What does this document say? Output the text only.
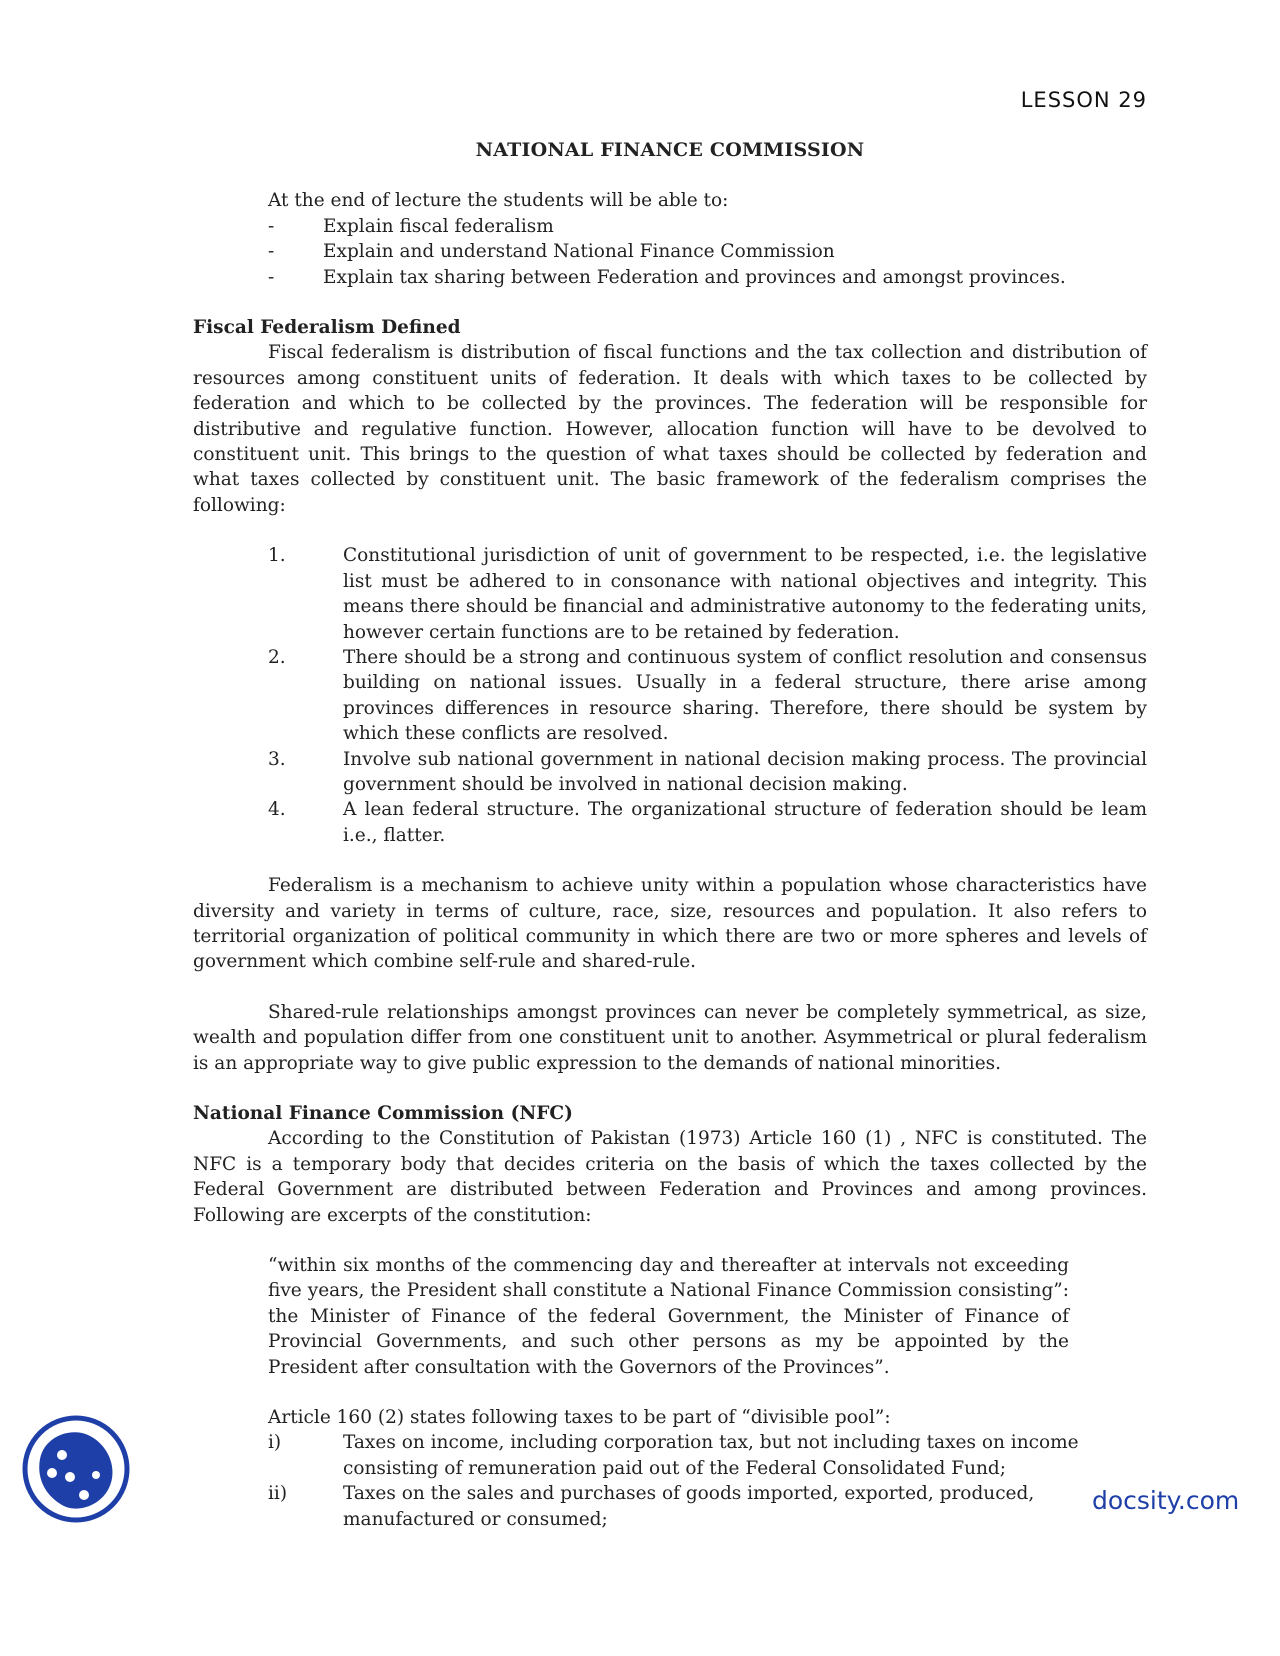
LESSON 29
NATIONAL FINANCE COMMISSION

At the end of lecture the students will be able to:

-	Explain fiscal federalism
-	Explain and understand National Finance Commission
-	Explain tax sharing between Federation and provinces and amongst provinces.
Fiscal Federalism Defined

Fiscal federalism is distribution of fiscal functions and the tax collection and distribution of resources among constituent units of federation. It deals with which taxes to be collected by federation and which to be collected by the provinces. The federation will be responsible for distributive and regulative function. However, allocation function will have to be devolved to constituent unit. This brings to the question of what taxes should be collected by federation and what taxes collected by constituent unit. The basic framework of the federalism comprises the following:

1.	Constitutional jurisdiction of unit of government to be respected, i.e. the legislative list must be adhered to in consonance with national objectives and integrity. This means there should be financial and administrative autonomy to the federating units, however certain functions are to be retained by federation.
2.	There should be a strong and continuous system of conflict resolution and consensus building on national issues. Usually in a federal structure, there arise among provinces differences in resource sharing. Therefore, there should be system by which these conflicts are resolved.
3.	Involve sub national government in national decision making process. The provincial government should be involved in national decision making.
4.	A lean federal structure. The organizational structure of federation should be leam i.e., flatter.

Federalism is a mechanism to achieve unity within a population whose characteristics have diversity and variety in terms of culture, race, size, resources and population. It also refers to territorial organization of political community in which there are two or more spheres and levels of government which combine self-rule and shared-rule.

Shared-rule relationships amongst provinces can never be completely symmetrical, as size, wealth and population differ from one constituent unit to another. Asymmetrical or plural federalism is an appropriate way to give public expression to the demands of national minorities.

National Finance Commission (NFC)

According to the Constitution of Pakistan (1973) Article 160 (1) , NFC is constituted. The NFC is a temporary body that decides criteria on the basis of which the taxes collected by the Federal Government are distributed between Federation and Provinces and among provinces. Following are excerpts of the constitution:

“within six months of the commencing day and thereafter at intervals not exceeding five years, the President shall constitute a National Finance Commission consisting”: the Minister of Finance of the federal Government, the Minister of Finance of Provincial Governments, and such other persons as my be appointed by the President after consultation with the Governors of the Provinces”.
Article 160 (2) states following taxes to be part of “divisible pool”:
i)	Taxes on income, including corporation tax, but not including taxes on income consisting of remuneration paid out of the Federal Consolidated Fund;
ii)	Taxes on the sales and purchases of goods imported, exported, produced, manufactured or consumed;
docsity.com
